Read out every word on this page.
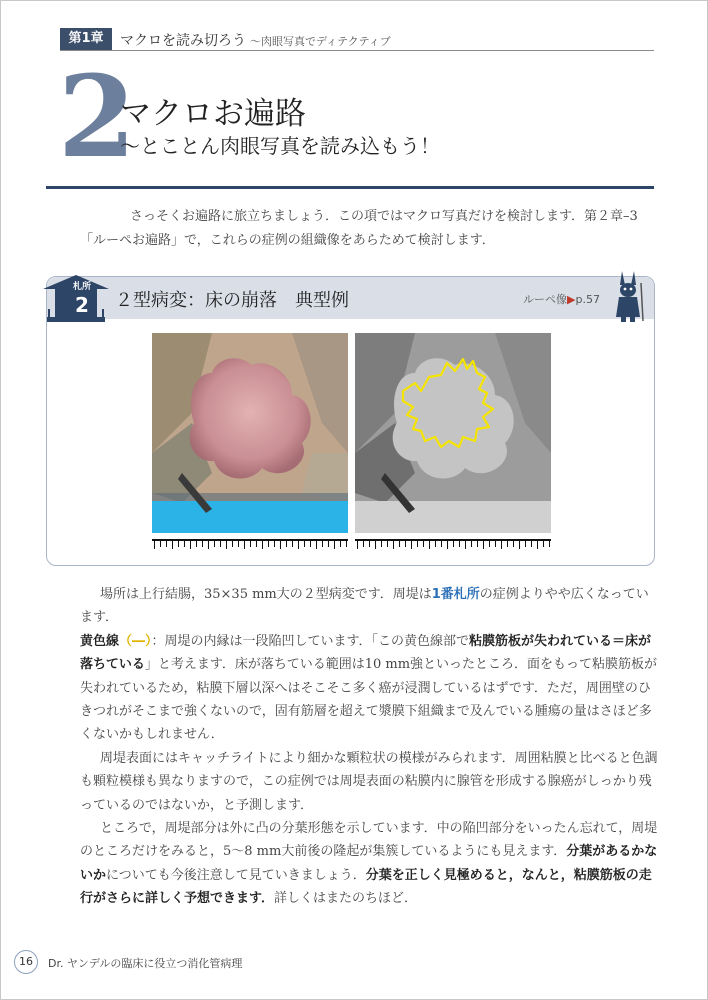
第1章	マクロを読み切ろう ～肉眼写真でディテクティブ
2
マクロお遍路
～とことん肉眼写真を読み込もう！

さっそくお遍路に旅立ちましょう．この項ではマクロ写真だけを検討します．第２章–3「ルーペお遍路」で，これらの症例の組織像をあらためて検討します．

札所
2	２型病変：床の崩落　典型例	ルーペ像▶p.57

場所は上行結腸，35×35 mm大の２型病変です．周堤は1番札所の症例よりやや広くなっています．

黄色線（―）：周堤の内縁は一段陥凹しています．「この黄色線部で粘膜筋板が失われている＝床が落ちている」と考えます．床が落ちている範囲は10 mm強といったところ．面をもって粘膜筋板が失われているため，粘膜下層以深へはそこそこ多く癌が浸潤しているはずです．ただ，周囲壁のひきつれがそこまで強くないので，固有筋層を超えて漿膜下組織まで及んでいる腫瘍の量はさほど多くないかもしれません．

周堤表面にはキャッチライトにより細かな顆粒状の模様がみられます．周囲粘膜と比べると色調も顆粒模様も異なりますので，この症例では周堤表面の粘膜内に腺管を形成する腺癌がしっかり残っているのではないか，と予測します．

ところで，周堤部分は外に凸の分葉形態を示しています．中の陥凹部分をいったん忘れて，周堤のところだけをみると，5～8 mm大前後の隆起が集簇しているようにも見えます．分葉があるかないかについても今後注意して見ていきましょう．分葉を正しく見極めると，なんと，粘膜筋板の走行がさらに詳しく予想できます．詳しくはまたのちほど．

16	Dr. ヤンデルの臨床に役立つ消化管病理
